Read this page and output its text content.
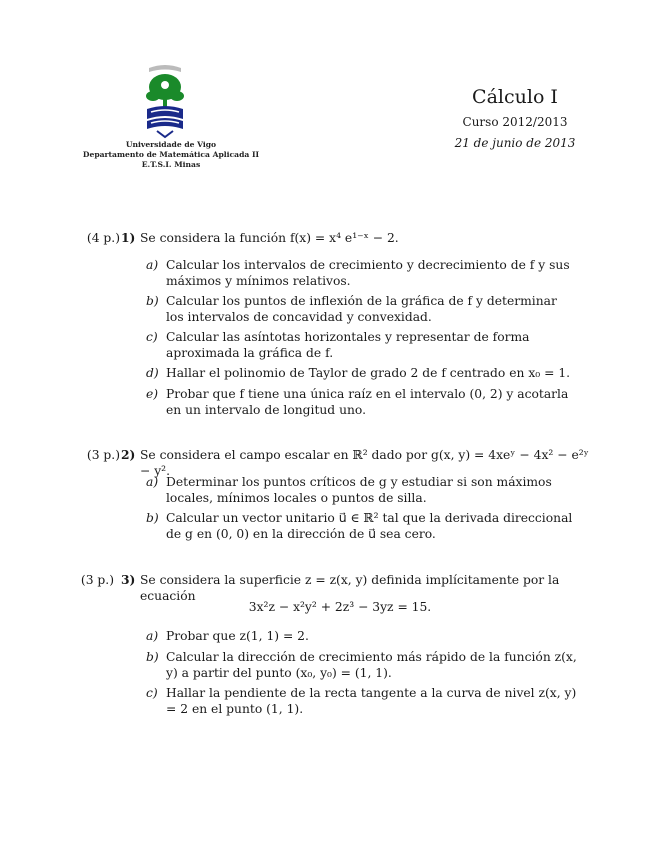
Universidade de Vigo
Departamento de Matemática Aplicada II
E.T.S.I. Minas
Cálculo I
Curso 2012/2013
21 de junio de 2013
(4 p.) 1) Se considera la función f(x) = x⁴ e¹⁻ˣ − 2.
a) Calcular los intervalos de crecimiento y decrecimiento de f y sus máximos y mínimos relativos.
b) Calcular los puntos de inflexión de la gráfica de f y determinar los intervalos de concavidad y convexidad.
c) Calcular las asíntotas horizontales y representar de forma aproximada la gráfica de f.
d) Hallar el polinomio de Taylor de grado 2 de f centrado en x₀ = 1.
e) Probar que f tiene una única raíz en el intervalo (0, 2) y acotarla en un intervalo de longitud uno.
(3 p.) 2) Se considera el campo escalar en ℝ² dado por g(x, y) = 4xeʸ − 4x² − e²ʸ − y².
a) Determinar los puntos críticos de g y estudiar si son máximos locales, mínimos locales o puntos de silla.
b) Calcular un vector unitario u⃗ ∈ ℝ² tal que la derivada direccional de g en (0, 0) en la dirección de u⃗ sea cero.
(3 p.) 3) Se considera la superficie z = z(x, y) definida implícitamente por la ecuación
3x²z − x²y² + 2z³ − 3yz = 15.
a) Probar que z(1, 1) = 2.
b) Calcular la dirección de crecimiento más rápido de la función z(x, y) a partir del punto (x₀, y₀) = (1, 1).
c) Hallar la pendiente de la recta tangente a la curva de nivel z(x, y) = 2 en el punto (1, 1).
